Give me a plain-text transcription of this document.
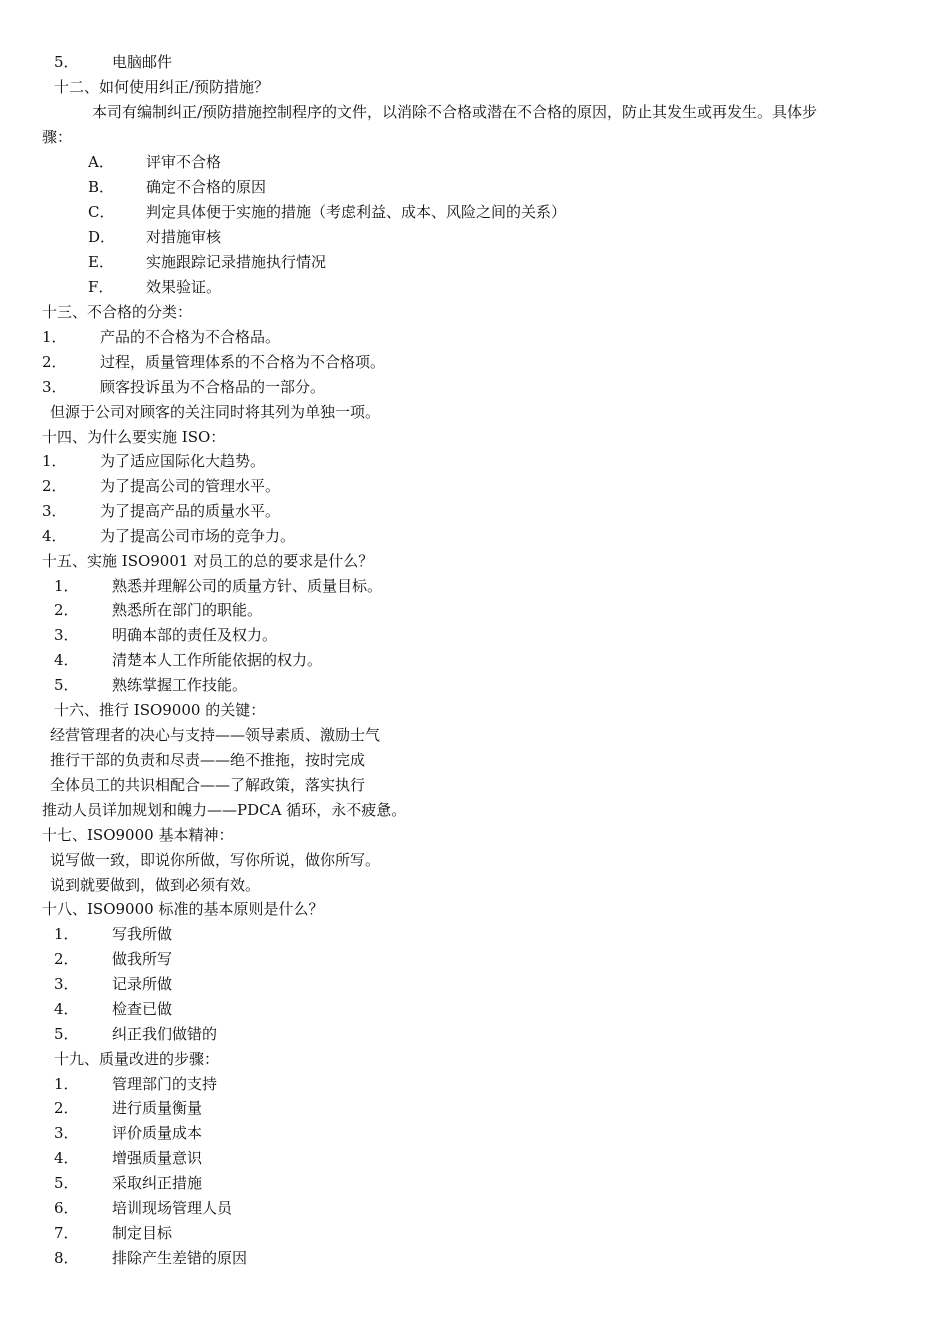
5． 电脑邮件
十二、如何使用纠正/预防措施？
本司有编制纠正/预防措施控制程序的文件，以消除不合格或潜在不合格的原因，防止其发生或再发生。具体步
骤：
A． 评审不合格
B． 确定不合格的原因
C． 判定具体便于实施的措施（考虑利益、成本、风险之间的关系）
D． 对措施审核
E． 实施跟踪记录措施执行情况
F． 效果验证。
十三、不合格的分类：
1． 产品的不合格为不合格品。
2． 过程，质量管理体系的不合格为不合格项。
3． 顾客投诉虽为不合格品的一部分。
但源于公司对顾客的关注同时将其列为单独一项。
十四、为什么要实施 ISO：
1． 为了适应国际化大趋势。
2． 为了提高公司的管理水平。
3． 为了提高产品的质量水平。
4． 为了提高公司市场的竞争力。
十五、实施 ISO9001 对员工的总的要求是什么？
1． 熟悉并理解公司的质量方针、质量目标。
2． 熟悉所在部门的职能。
3． 明确本部的责任及权力。
4． 清楚本人工作所能依据的权力。
5． 熟练掌握工作技能。
十六、推行 ISO9000 的关键：
经营管理者的决心与支持——领导素质、激励士气
推行干部的负责和尽责——绝不推拖，按时完成
全体员工的共识相配合——了解政策，落实执行
推动人员详加规划和魄力——PDCA 循环，永不疲惫。
十七、ISO9000 基本精神：
说写做一致，即说你所做，写你所说，做你所写。
说到就要做到，做到必须有效。
十八、ISO9000 标准的基本原则是什么？
1． 写我所做
2． 做我所写
3． 记录所做
4． 检查已做
5． 纠正我们做错的
十九、质量改进的步骤：
1． 管理部门的支持
2． 进行质量衡量
3． 评价质量成本
4． 增强质量意识
5． 采取纠正措施
6． 培训现场管理人员
7． 制定目标
8． 排除产生差错的原因
